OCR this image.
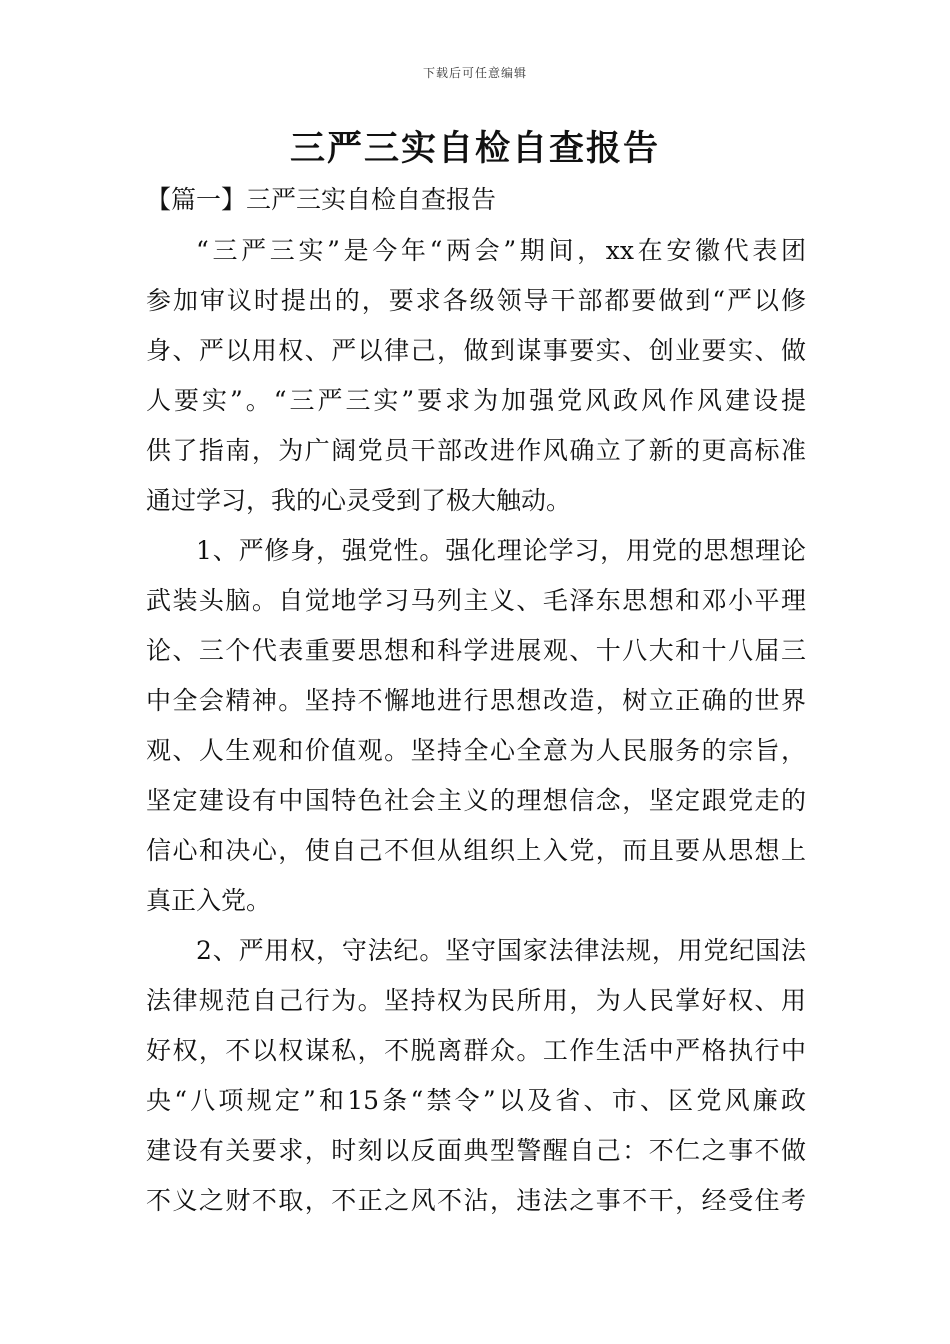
下载后可任意编辑
三严三实自检自查报告
【篇一】三严三实自检自查报告
“三严三实”是今年“两会”期间，xx在安徽代表团
参加审议时提出的，要求各级领导干部都要做到“严以修
身、严以用权、严以律己，做到谋事要实、创业要实、做
人要实”。“三严三实”要求为加强党风政风作风建设提
供了指南，为广阔党员干部改进作风确立了新的更高标准
通过学习，我的心灵受到了极大触动。
1、严修身，强党性。强化理论学习，用党的思想理论
武装头脑。自觉地学习马列主义、毛泽东思想和邓小平理
论、三个代表重要思想和科学进展观、十八大和十八届三
中全会精神。坚持不懈地进行思想改造，树立正确的世界
观、人生观和价值观。坚持全心全意为人民服务的宗旨，
坚定建设有中国特色社会主义的理想信念，坚定跟党走的
信心和决心，使自己不但从组织上入党，而且要从思想上
真正入党。
2、严用权，守法纪。坚守国家法律法规，用党纪国法
法律规范自己行为。坚持权为民所用，为人民掌好权、用
好权，不以权谋私，不脱离群众。工作生活中严格执行中
央“八项规定”和15条“禁令”以及省、市、区党风廉政
建设有关要求，时刻以反面典型警醒自己：不仁之事不做
不义之财不取，不正之风不沾，违法之事不干，经受住考
